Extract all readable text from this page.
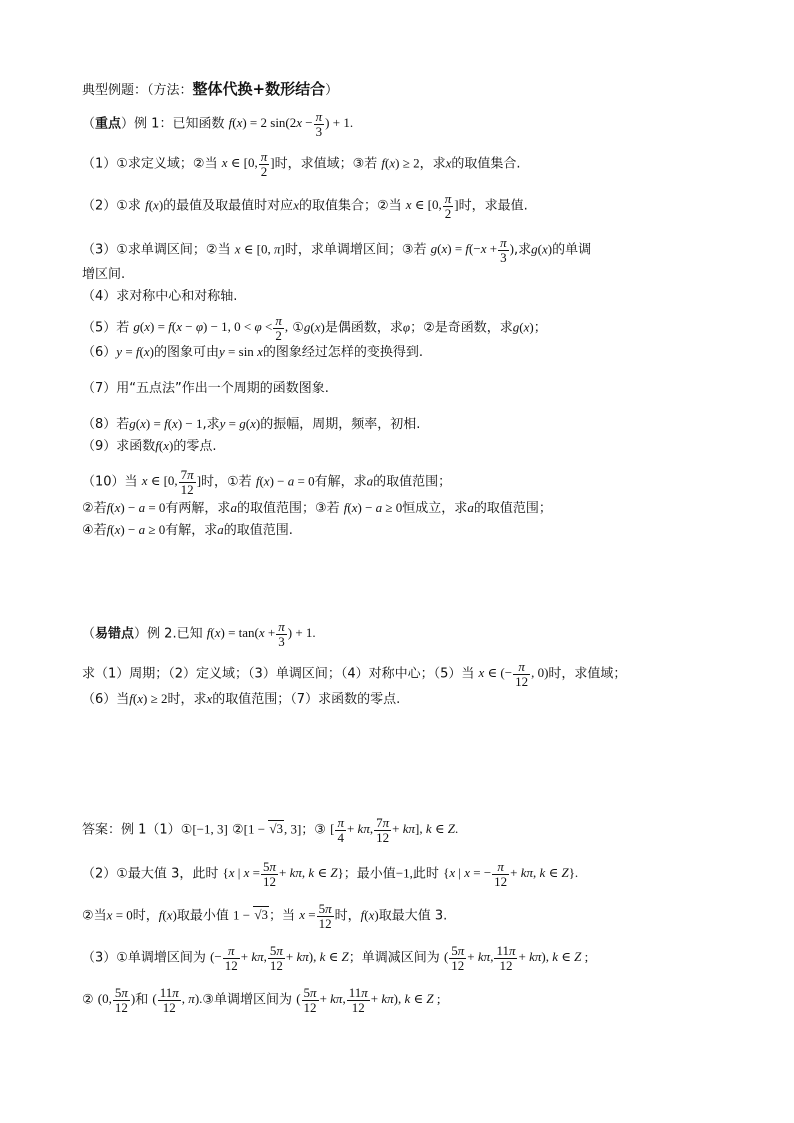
典型例题：（方法：整体代换+数形结合）
（重点）例 1：已知函数 f(x) = 2 $\sin(2x - \frac{\pi}{3}$ ) + 1.
（1）①求定义域；②当 x ∈ [0, $\frac{\pi}{2}$ ]时，求值域；③若 f(x) ≥ 2，求x的取值集合.
（2）①求 f(x)的最值及取最值时对应x的取值集合；②当 x ∈ [0, $\frac{\pi}{2}$ ]时，求最值.
（3）①求单调区间；②当 x ∈ [0, π]时，求单调增区间；③若 $g(x) = f(-x + \frac{\pi}{3}$ ),求g(x)的单调
增区间.
（4）求对称中心和对称轴.
（5）若 g(x) = f(x − φ) − 1, $0 < \varphi < \frac{\pi}{2}$ , ①g(x)是偶函数，求φ；②是奇函数，求g(x)；
（6）y = f(x)的图象可由y = sin x的图象经过怎样的变换得到.
（7）用“五点法”作出一个周期的函数图象.
（8）若g(x) = f(x) − 1,求y = g(x)的振幅，周期，频率，初相.
（9）求函数f(x)的零点.
（10）当 x ∈ [0, $\frac{7\pi}{12}$ ]时，①若 f(x) − a = 0有解，求a的取值范围；
②若f(x) − a = 0有两解，求a的取值范围；③若 f(x) − a ≥ 0恒成立，求a的取值范围；
④若f(x) − a ≥ 0有解，求a的取值范围.
（易错点）例 2.已知 $f(x) = \tan(x + \frac{\pi}{3}$ ) + 1.
求（1）周期；（2）定义域；（3）单调区间；（4）对称中心；（5）当 x ∈ (− $\frac{\pi}{12}$ , 0)时，求值域；
（6）当f(x) ≥ 2时，求x的取值范围；（7）求函数的零点.
答案：例 1（1）①[−1, 3] ②[1 − √3, 3]；③ [ $\frac{\pi}{4} + k\pi$, $\frac{7\pi}{12} + k\pi$], k ∈ Z.
（2）①最大值 3，此时 {x | $x = \frac{5\pi}{12} + k\pi$, k ∈ Z}；最小值−1,此时 {x | x = − $\frac{\pi}{12} + k\pi$, k ∈ Z}.
②当x = 0时，f(x)取最小值 1 − √3；当 $x = \frac{5\pi}{12}$ 时，f(x)取最大值 3.
（3）①单调增区间为 (− $\frac{\pi}{12} + k\pi$, $\frac{5\pi}{12} + k\pi$), k ∈ Z；单调减区间为 ( $\frac{5\pi}{12} + k\pi$, $\frac{11\pi}{12} + k\pi$), k ∈ Z ;
② (0, $\frac{5\pi}{12}$ )和 ( $\frac{11\pi}{12}$ , π).③单调增区间为 ( $\frac{5\pi}{12} + k\pi$, $\frac{11\pi}{12} + k\pi$), k ∈ Z ;
